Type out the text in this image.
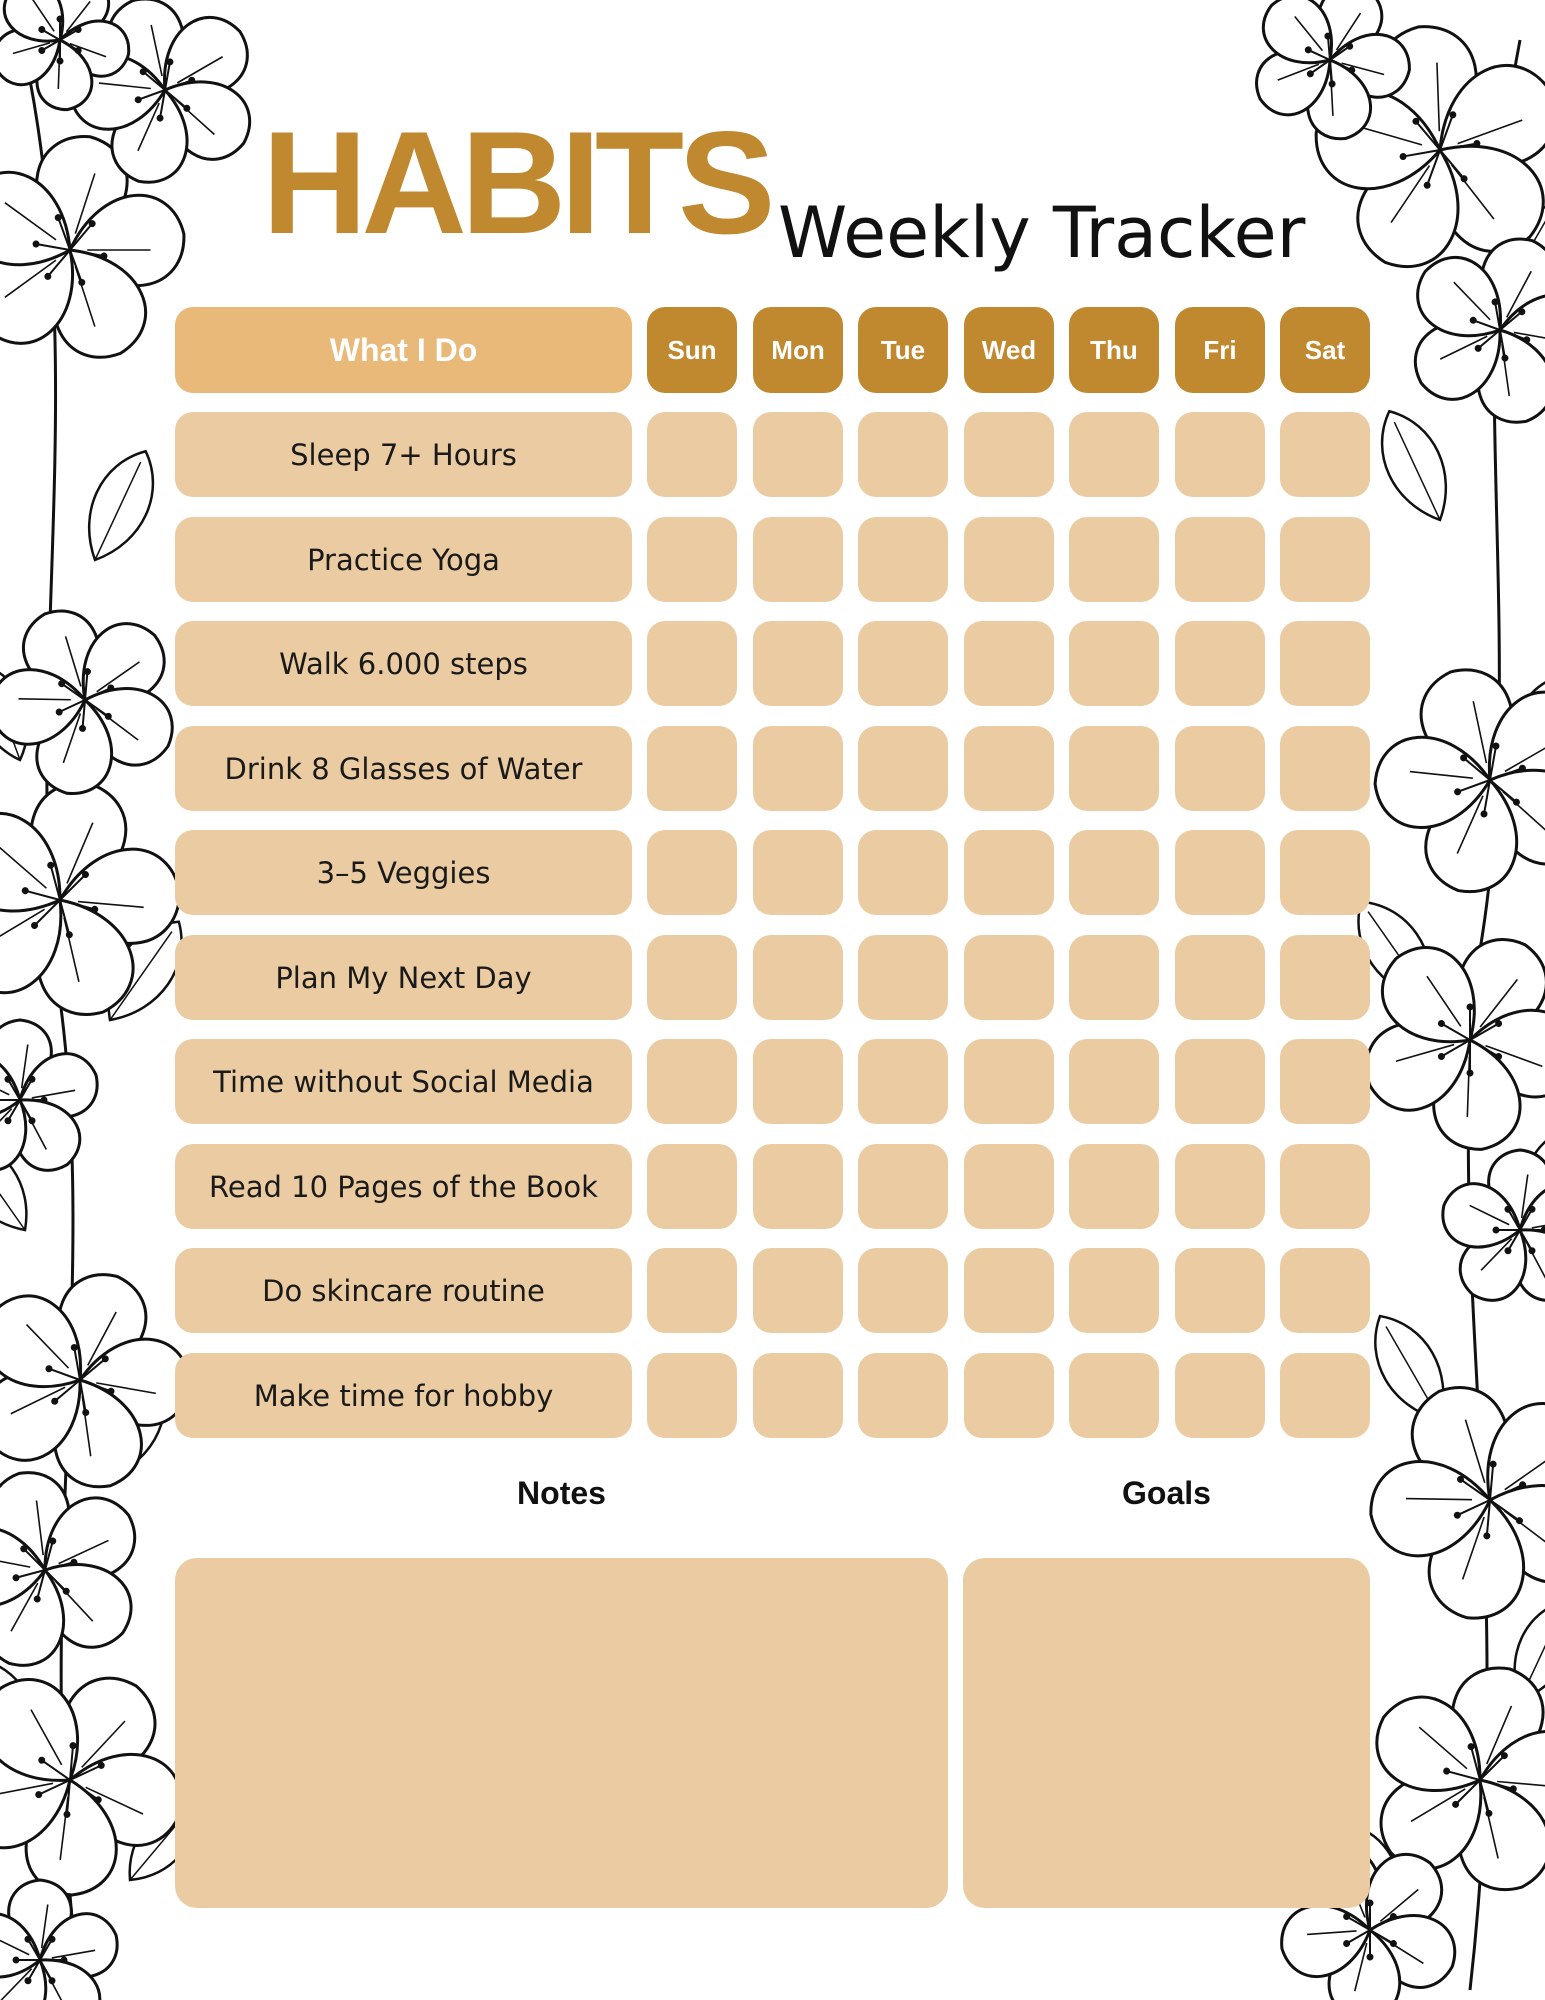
HABITS Weekly Tracker
What I Do	Sun	Mon	Tue	Wed	Thu	Fri	Sat
Sleep 7+ Hours
Practice Yoga
Walk 6.000 steps
Drink 8 Glasses of Water
3–5 Veggies
Plan My Next Day
Time without Social Media
Read 10 Pages of the Book
Do skincare routine
Make time for hobby
Notes	Goals
